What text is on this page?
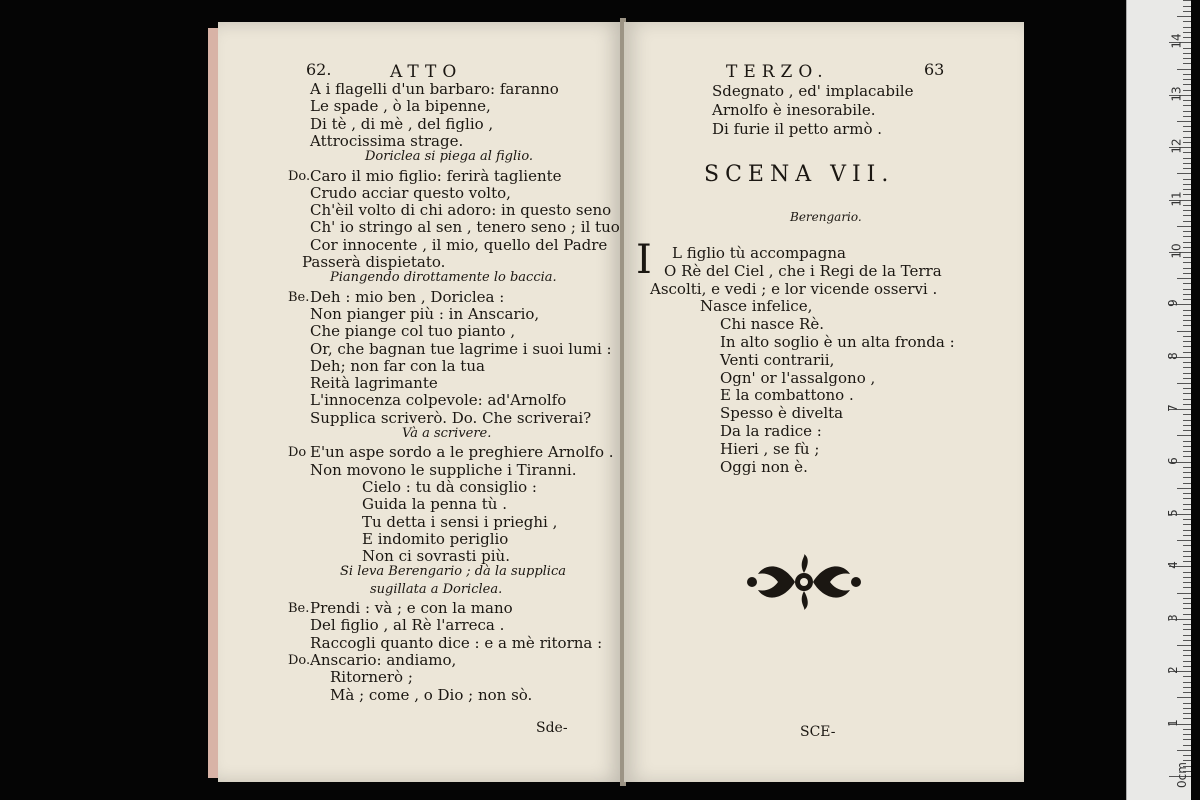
62.	ATTO
A i flagelli d'un barbaro: faranno
Le spade , ò la bipenne,
Di tè , di mè , del figlio ,
Attrocissima strage.
Doriclea si piega al figlio.
Do. Caro il mio figlio: ferirà tagliente
Crudo acciar questo volto,
Ch'èil volto di chi adoro: in questo seno
Ch' io stringo al sen , tenero seno ; il tuo
Cor innocente , il mio, quello del Padre
Passerà dispietato.
Piangendo dirottamente lo baccia.
Be. Deh : mio ben , Doriclea :
Non pianger più : in Anscario,
Che piange col tuo pianto ,
Or, che bagnan tue lagrime i suoi lumi :
Deh; non far con la tua
Reità lagrimante
L'innocenza colpevole: ad'Arnolfo
Supplica scriverò. Do. Che scriverai?
Và a scrivere.
Do E'un aspe sordo a le preghiere Arnolfo .
Non movono le suppliche i Tiranni.
Cielo : tu dà consiglio :
Guida la penna tù .
Tu detta i sensi i prieghi ,
E indomito periglio
Non ci sovrasti più.
Si leva Berengario ; dà la supplica
sugillata a Doriclea.
Be. Prendi : và ; e con la mano
Del figlio , al Rè l'arreca .
Raccogli quanto dice : e a mè ritorna :
Do. Anscario: andiamo,
Ritornerò ;
Mà ; come , o Dio ; non sò.
Sde-
TERZO.	63
Sdegnato , ed' implacabile
Arnolfo è inesorabile.
Di furie il petto armò .
SCENA VII.
Berengario.
I L figlio tù accompagna
O Rè del Ciel , che i Regi de la Terra
Ascolti, e vedi ; e lor vicende osservi .
Nasce infelice,
Chi nasce Rè.
In alto soglio è un alta fronda :
Venti contrarii,
Ogn' or l'assalgono ,
E la combattono .
Spesso è divelta
Da la radice :
Hieri , se fù ;
Oggi non è.
SCE-
0cm
1
2
3
4
5
6
7
8
9
10
11
12
13
14
